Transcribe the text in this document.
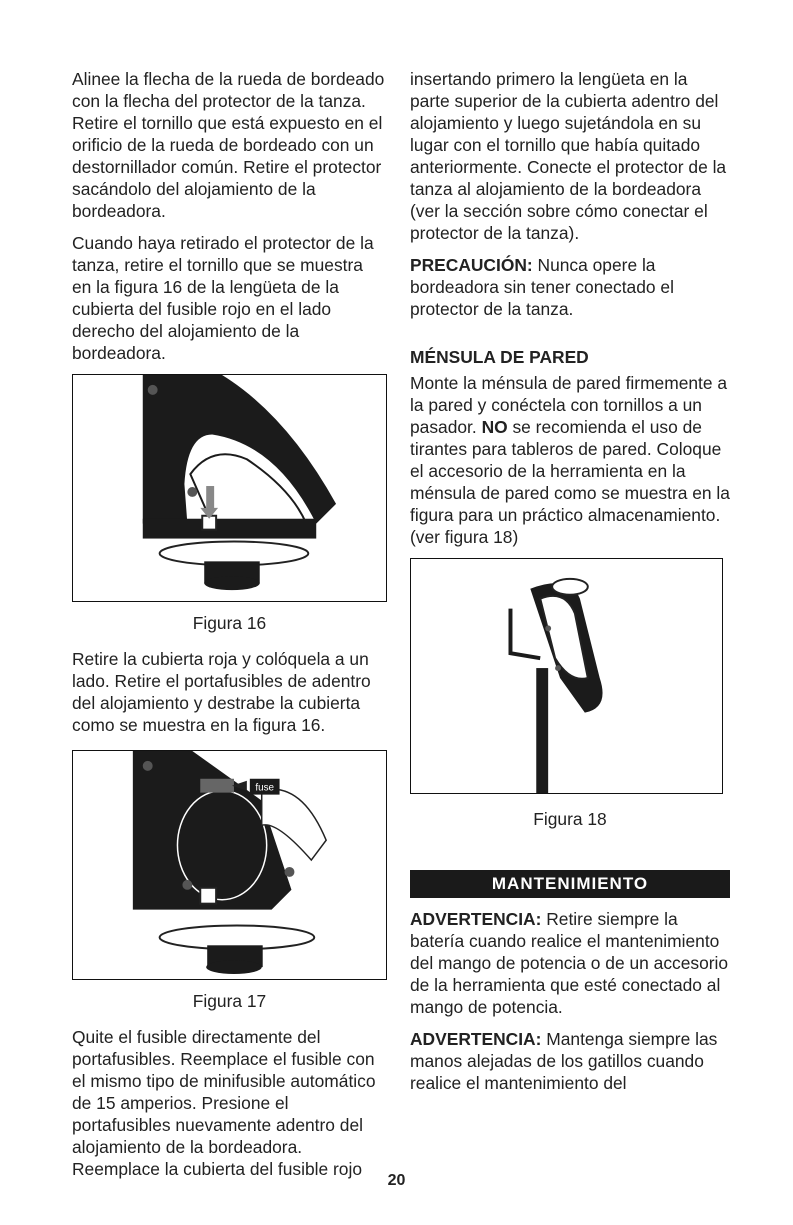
Alinee la flecha de la rueda de bordeado con la flecha del protector de la tanza. Retire el tornillo que está expuesto en el orificio de la rueda de bordeado con un destornillador común. Retire el protector sacándolo del alojamiento de la bordeadora.

Cuando haya retirado el protector de la tanza, retire el tornillo que se muestra en la figura 16 de la lengüeta de la cubierta del fusible rojo en el lado derecho del alojamiento de la bordeadora.

Figura 16

Retire la cubierta roja y colóquela a un lado. Retire el portafusibles de adentro del alojamiento y destrabe la cubierta como se muestra en la figura 16.

fuse
Figura 17

Quite el fusible directamente del portafusibles. Reemplace el fusible con el mismo tipo de minifusible automático de 15 amperios. Presione el portafusibles nuevamente adentro del alojamiento de la bordeadora. Reemplace la cubierta del fusible rojo

insertando primero la lengüeta en la parte superior de la cubierta adentro del alojamiento y luego sujetándola en su lugar con el tornillo que había quitado anteriormente. Conecte el protector de la tanza al alojamiento de la bordeadora (ver la sección sobre cómo conectar el protector de la tanza).

PRECAUCIÓN: Nunca opere la bordeadora sin tener conectado el protector de la tanza.

MÉNSULA DE PARED

Monte la ménsula de pared firmemente a la pared y conéctela con tornillos a un pasador. NO se recomienda el uso de tirantes para tableros de pared. Coloque el accesorio de la herramienta en la ménsula de pared como se muestra en la figura para un práctico almacenamiento. (ver figura 18)

Figura 18
MANTENIMIENTO

ADVERTENCIA: Retire siempre la batería cuando realice el mantenimiento del mango de potencia o de un accesorio de la herramienta que esté conectado al mango de potencia.

ADVERTENCIA: Mantenga siempre las manos alejadas de los gatillos cuando realice el mantenimiento del

20
